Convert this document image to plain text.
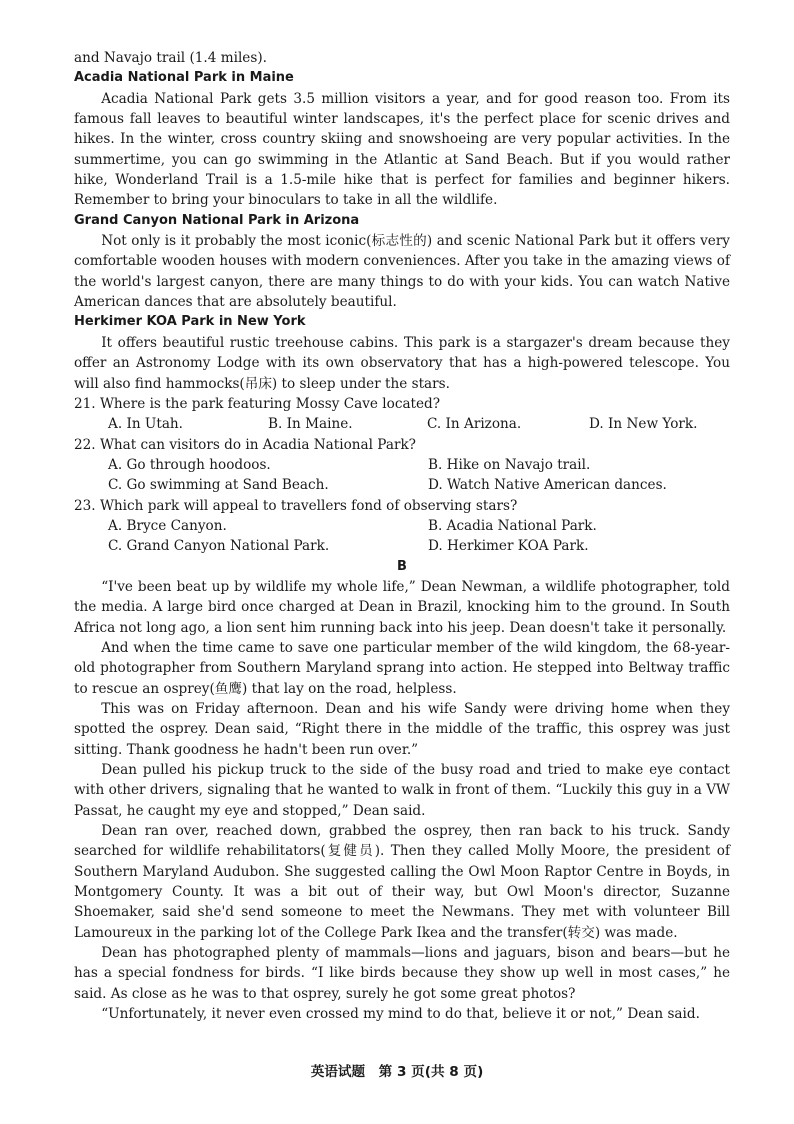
and Navajo trail (1.4 miles).

Acadia National Park in Maine

Acadia National Park gets 3.5 million visitors a year, and for good reason too. From its famous fall leaves to beautiful winter landscapes, it's the perfect place for scenic drives and hikes. In the winter, cross country skiing and snowshoeing are very popular activities. In the summertime, you can go swimming in the Atlantic at Sand Beach. But if you would rather hike, Wonderland Trail is a 1.5-mile hike that is perfect for families and beginner hikers. Remember to bring your binoculars to take in all the wildlife.

Grand Canyon National Park in Arizona

Not only is it probably the most iconic(标志性的) and scenic National Park but it offers very comfortable wooden houses with modern conveniences. After you take in the amazing views of the world's largest canyon, there are many things to do with your kids. You can watch Native American dances that are absolutely beautiful.

Herkimer KOA Park in New York

It offers beautiful rustic treehouse cabins. This park is a stargazer's dream because they offer an Astronomy Lodge with its own observatory that has a high-powered telescope. You will also find hammocks(吊床) to sleep under the stars.

21. Where is the park featuring Mossy Cave located?

A. In Utah.	B. In Maine.	C. In Arizona.	D. In New York.

22. What can visitors do in Acadia National Park?

A. Go through hoodoos.	B. Hike on Navajo trail.
C. Go swimming at Sand Beach.	D. Watch Native American dances.

23. Which park will appeal to travellers fond of observing stars?

A. Bryce Canyon.	B. Acadia National Park.
C. Grand Canyon National Park.	D. Herkimer KOA Park.

B

“I've been beat up by wildlife my whole life,” Dean Newman, a wildlife photographer, told the media. A large bird once charged at Dean in Brazil, knocking him to the ground. In South Africa not long ago, a lion sent him running back into his jeep. Dean doesn't take it personally.

And when the time came to save one particular member of the wild kingdom, the 68-year-old photographer from Southern Maryland sprang into action. He stepped into Beltway traffic to rescue an osprey(鱼鹰) that lay on the road, helpless.

This was on Friday afternoon. Dean and his wife Sandy were driving home when they spotted the osprey. Dean said, “Right there in the middle of the traffic, this osprey was just sitting. Thank goodness he hadn't been run over.”

Dean pulled his pickup truck to the side of the busy road and tried to make eye contact with other drivers, signaling that he wanted to walk in front of them. “Luckily this guy in a VW Passat, he caught my eye and stopped,” Dean said.

Dean ran over, reached down, grabbed the osprey, then ran back to his truck. Sandy searched for wildlife rehabilitators(复健员). Then they called Molly Moore, the president of Southern Maryland Audubon. She suggested calling the Owl Moon Raptor Centre in Boyds, in Montgomery County. It was a bit out of their way, but Owl Moon's director, Suzanne Shoemaker, said she'd send someone to meet the Newmans. They met with volunteer Bill Lamoureux in the parking lot of the College Park Ikea and the transfer(转交) was made.

Dean has photographed plenty of mammals—lions and jaguars, bison and bears—but he has a special fondness for birds. “I like birds because they show up well in most cases,” he said. As close as he was to that osprey, surely he got some great photos?

“Unfortunately, it never even crossed my mind to do that, believe it or not,” Dean said.

英语试题　第 3 页(共 8 页)
